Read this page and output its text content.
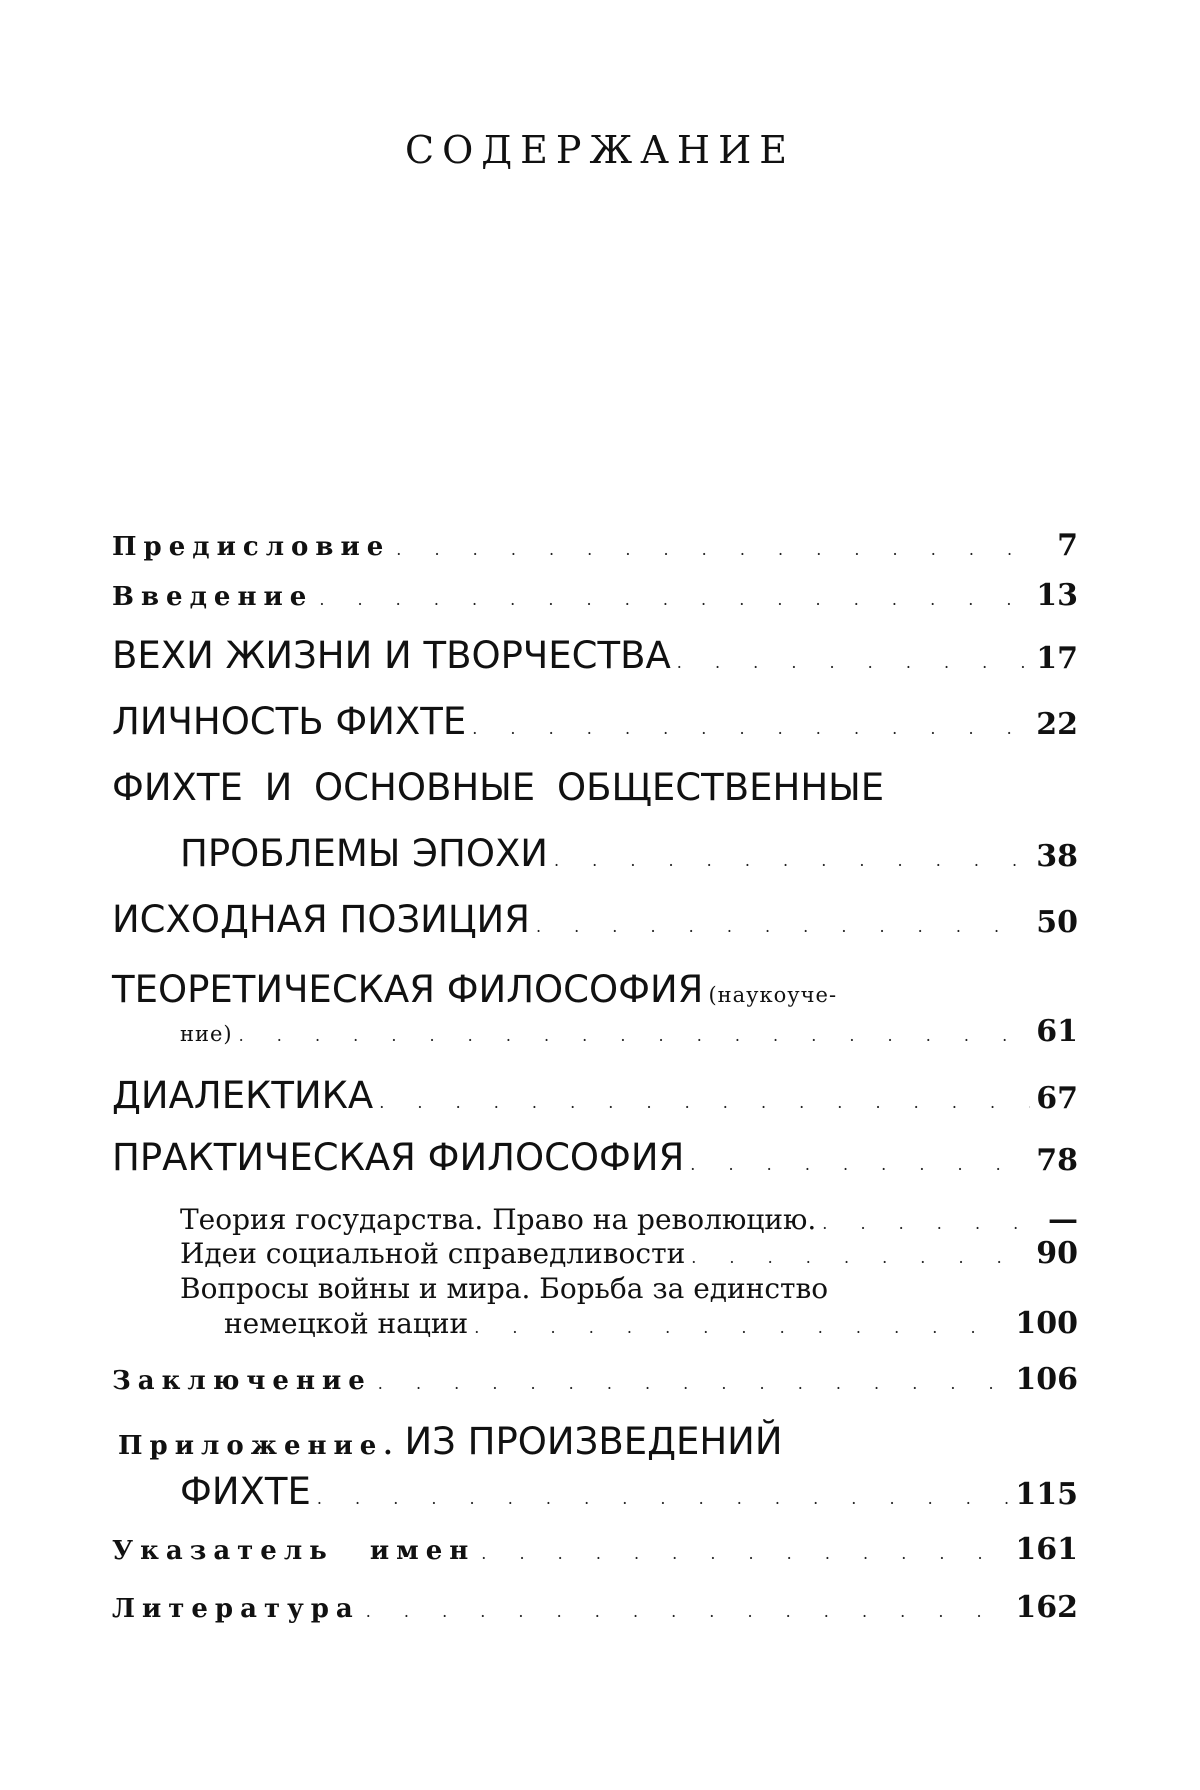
СОДЕРЖАНИЕ
Предисловие . . .	7
Введение . . .	13
ВЕХИ ЖИЗНИ И ТВОРЧЕСТВА . . .	17
ЛИЧНОСТЬ ФИХТЕ . . .	22
ФИХТЕ И ОСНОВНЫЕ ОБЩЕСТВЕННЫЕ
ПРОБЛЕМЫ ЭПОХИ . . .	38
ИСХОДНАЯ ПОЗИЦИЯ . . .	50
ТЕОРЕТИЧЕСКАЯ ФИЛОСОФИЯ (наукоуче-
ние) . . .	61
ДИАЛЕКТИКА . . .	67
ПРАКТИЧЕСКАЯ ФИЛОСОФИЯ . . .	78
Теория государства. Право на революцию. . . .	—
Идеи социальной справедливости . . .	90
Вопросы войны и мира. Борьба за единство
немецкой нации . . .	100
Заключение . . .	106
Приложение. ИЗ ПРОИЗВЕДЕНИЙ
ФИХТЕ . . .	115
Указатель имен . . .	161
Литература . . .	162
